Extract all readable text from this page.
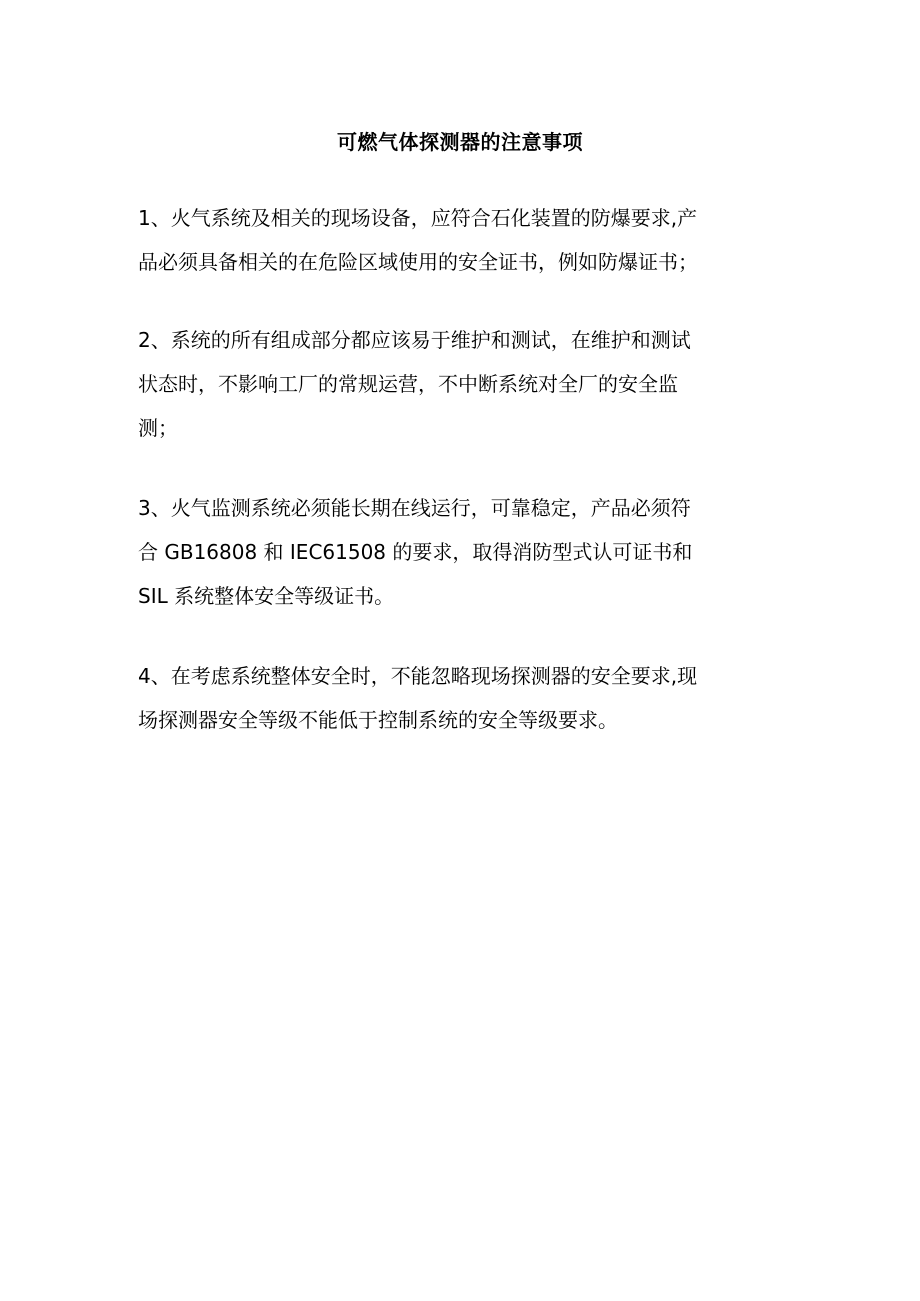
可燃气体探测器的注意事项

1、火气系统及相关的现场设备，应符合石化装置的防爆要求,产
品必须具备相关的在危险区域使用的安全证书，例如防爆证书；

2、系统的所有组成部分都应该易于维护和测试，在维护和测试
状态时，不影响工厂的常规运营，不中断系统对全厂的安全监
测；

3、火气监测系统必须能长期在线运行，可靠稳定，产品必须符
合 GB16808 和 IEC61508 的要求，取得消防型式认可证书和
SIL 系统整体安全等级证书。

4、在考虑系统整体安全时，不能忽略现场探测器的安全要求,现
场探测器安全等级不能低于控制系统的安全等级要求。
